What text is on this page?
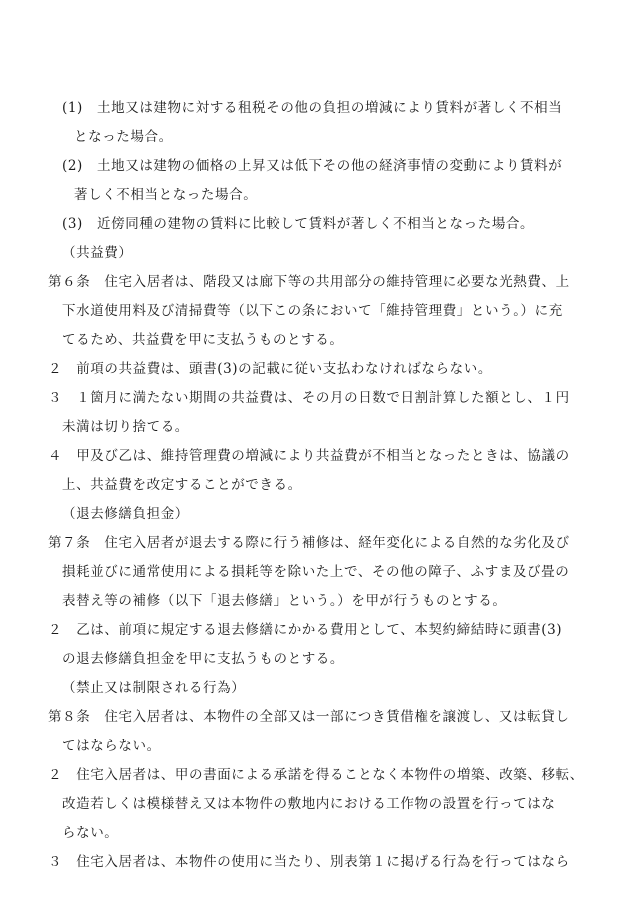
(1)　土地又は建物に対する租税その他の負担の増減により賃料が著しく不相当
となった場合。
(2)　土地又は建物の価格の上昇又は低下その他の経済事情の変動により賃料が
著しく不相当となった場合。
(3)　近傍同種の建物の賃料に比較して賃料が著しく不相当となった場合。
（共益費）
第６条　住宅入居者は、階段又は廊下等の共用部分の維持管理に必要な光熱費、上
下水道使用料及び清掃費等（以下この条において「維持管理費」という。）に充
てるため、共益費を甲に支払うものとする。
２　前項の共益費は、頭書(3)の記載に従い支払わなければならない。
３　１箇月に満たない期間の共益費は、その月の日数で日割計算した額とし、１円
未満は切り捨てる。
４　甲及び乙は、維持管理費の増減により共益費が不相当となったときは、協議の
上、共益費を改定することができる。
（退去修繕負担金）
第７条　住宅入居者が退去する際に行う補修は、経年変化による自然的な劣化及び
損耗並びに通常使用による損耗等を除いた上で、その他の障子、ふすま及び畳の
表替え等の補修（以下「退去修繕」という。）を甲が行うものとする。
２　乙は、前項に規定する退去修繕にかかる費用として、本契約締結時に頭書(3)
の退去修繕負担金を甲に支払うものとする。
（禁止又は制限される行為）
第８条　住宅入居者は、本物件の全部又は一部につき賃借権を譲渡し、又は転貸し
てはならない。
２　住宅入居者は、甲の書面による承諾を得ることなく本物件の増築、改築、移転、
改造若しくは模様替え又は本物件の敷地内における工作物の設置を行ってはな
らない。
３　住宅入居者は、本物件の使用に当たり、別表第１に掲げる行為を行ってはなら
